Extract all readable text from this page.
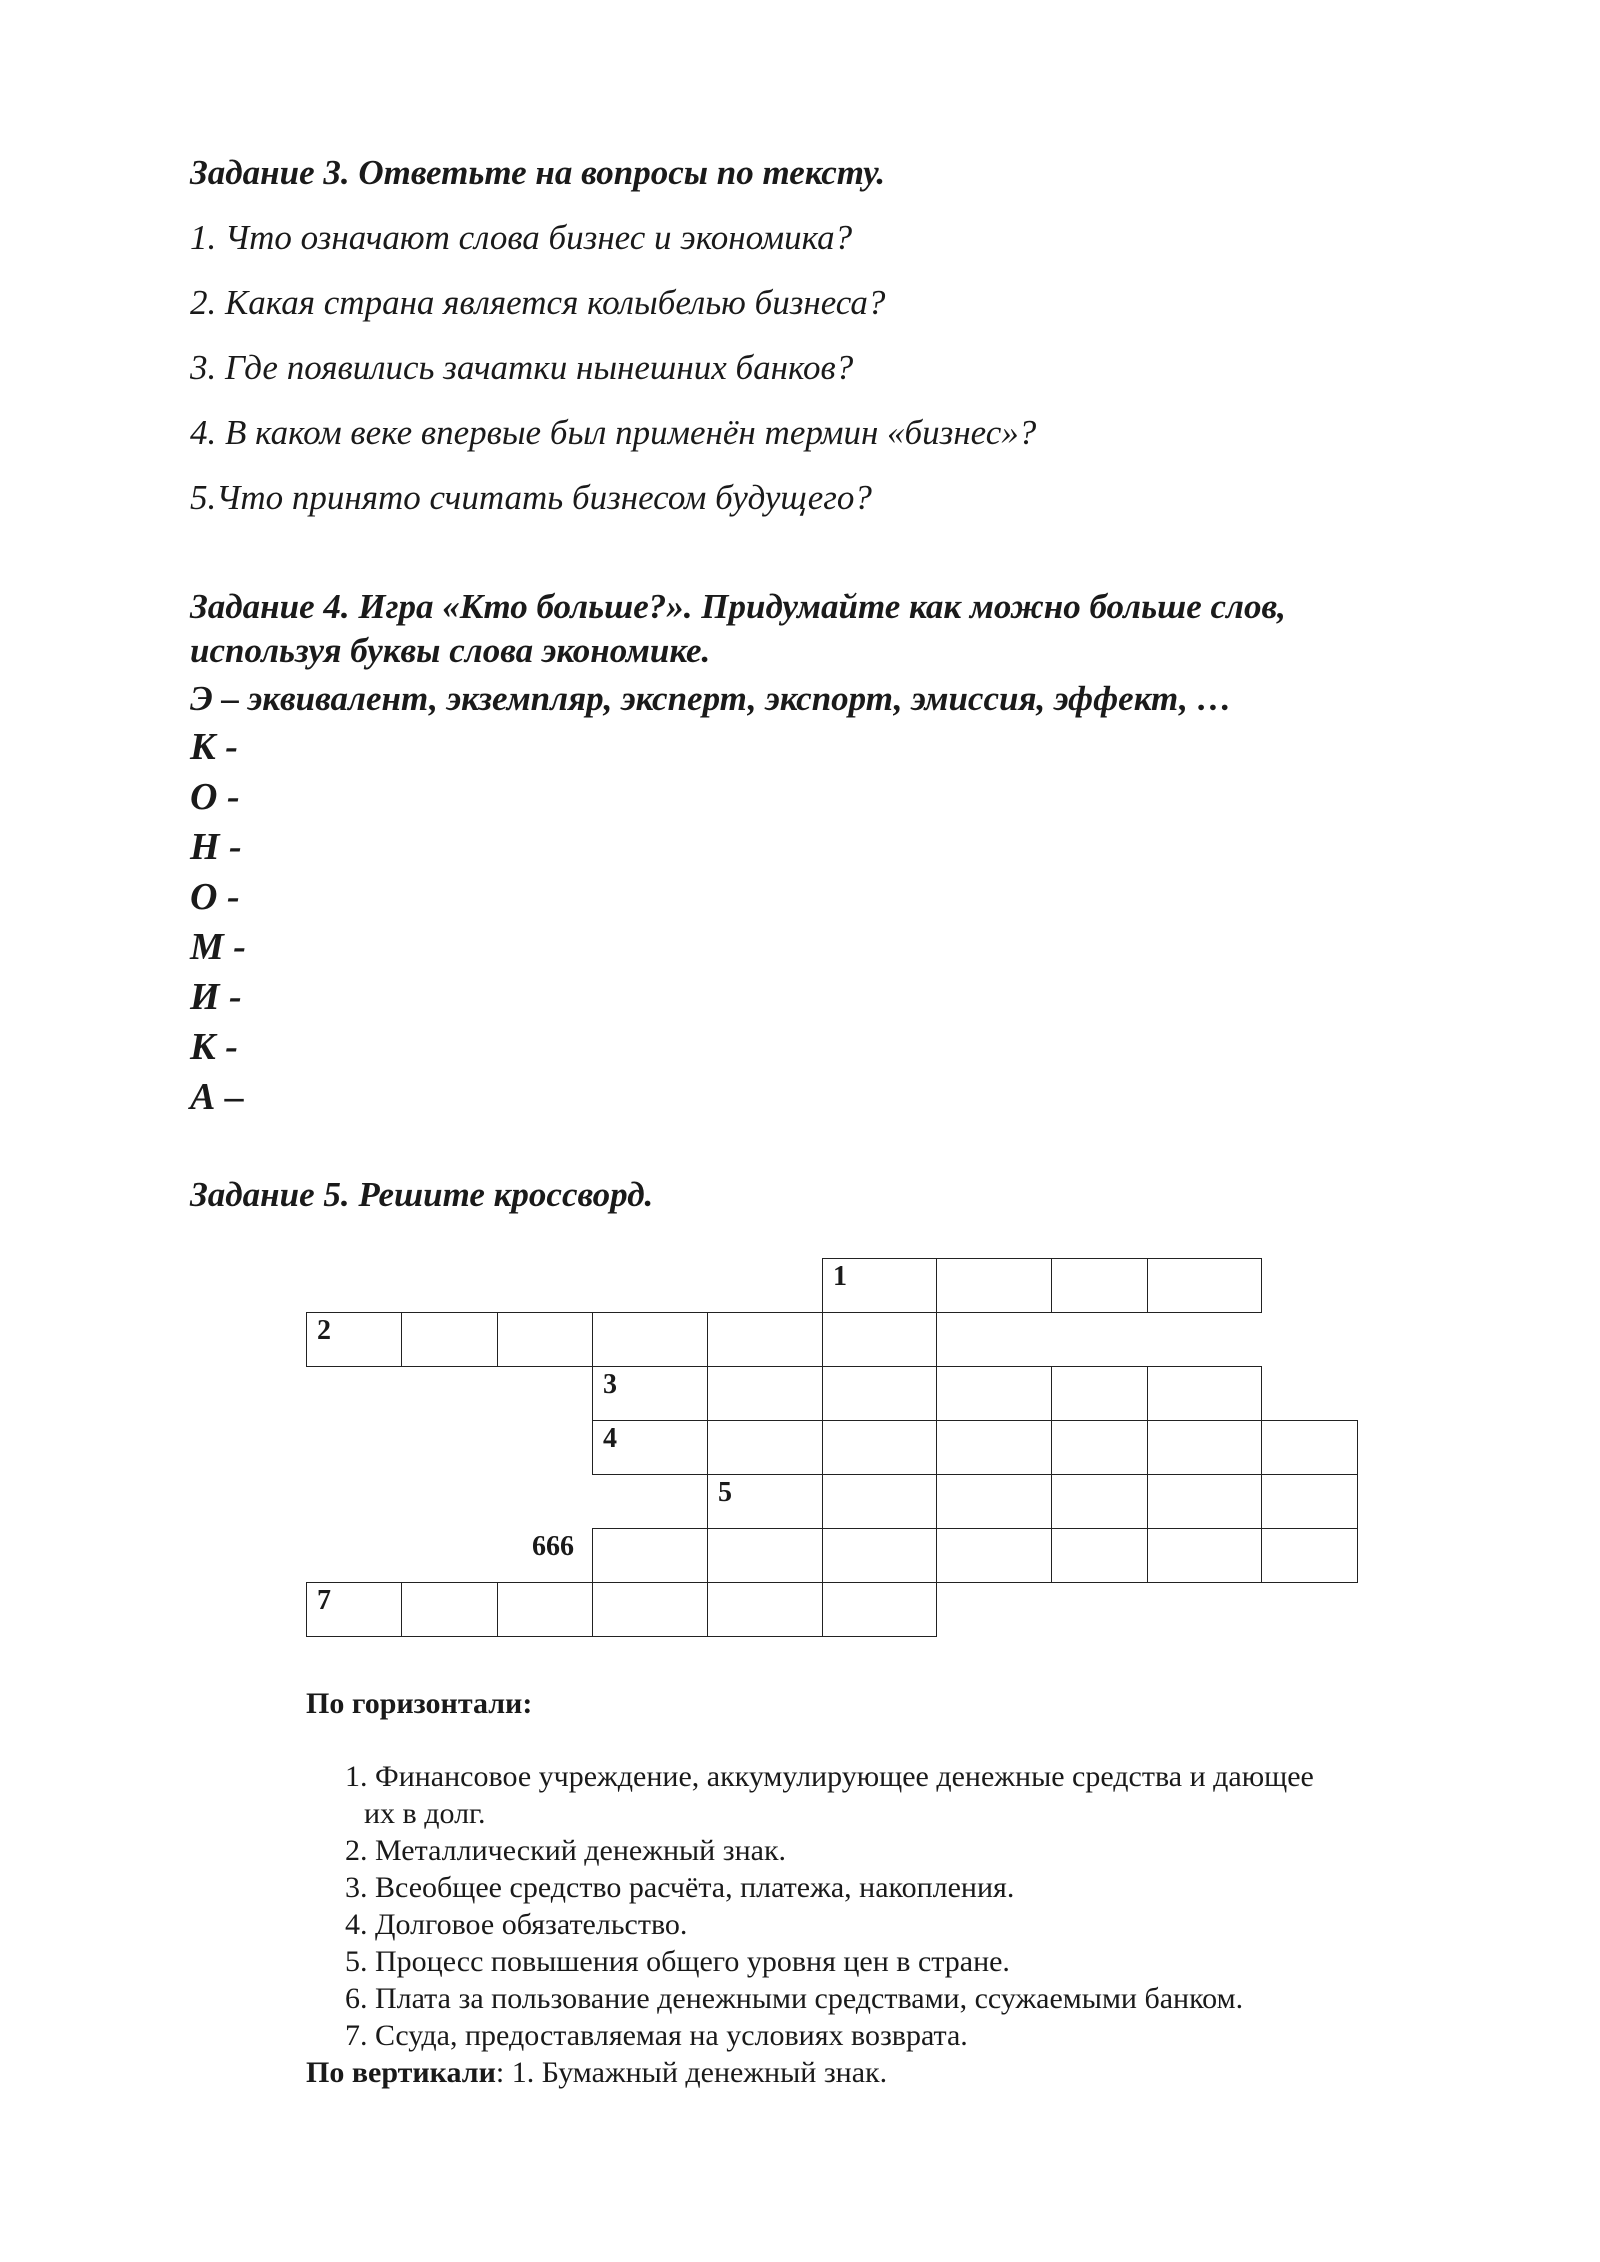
Задание 3. Ответьте на вопросы по тексту.
1. Что означают слова бизнес и экономика?
2. Какая страна является колыбелью бизнеса?
3. Где появились зачатки нынешних банков?
4. В каком веке впервые был применён термин «бизнес»?
5.Что принято считать бизнесом будущего?
Задание 4. Игра «Кто больше?». Придумайте как можно больше слов,
используя буквы слова экономике.
Э – эквивалент, экземпляр, эксперт, экспорт, эмиссия, эффект, …
К -
О -
Н -
О -
М -
И -
К -
А –
Задание 5. Решите кроссворд.
1
2
3
4
5
666
7
По горизонтали:
1. Финансовое учреждение, аккумулирующее денежные средства и дающее
их в долг.
2. Металлический денежный знак.
3. Всеобщее средство расчёта, платежа, накопления.
4. Долговое обязательство.
5. Процесс повышения общего уровня цен в стране.
6. Плата за пользование денежными средствами, ссужаемыми банком.
7. Ссуда, предоставляемая на условиях возврата.
По вертикали: 1. Бумажный денежный знак.
